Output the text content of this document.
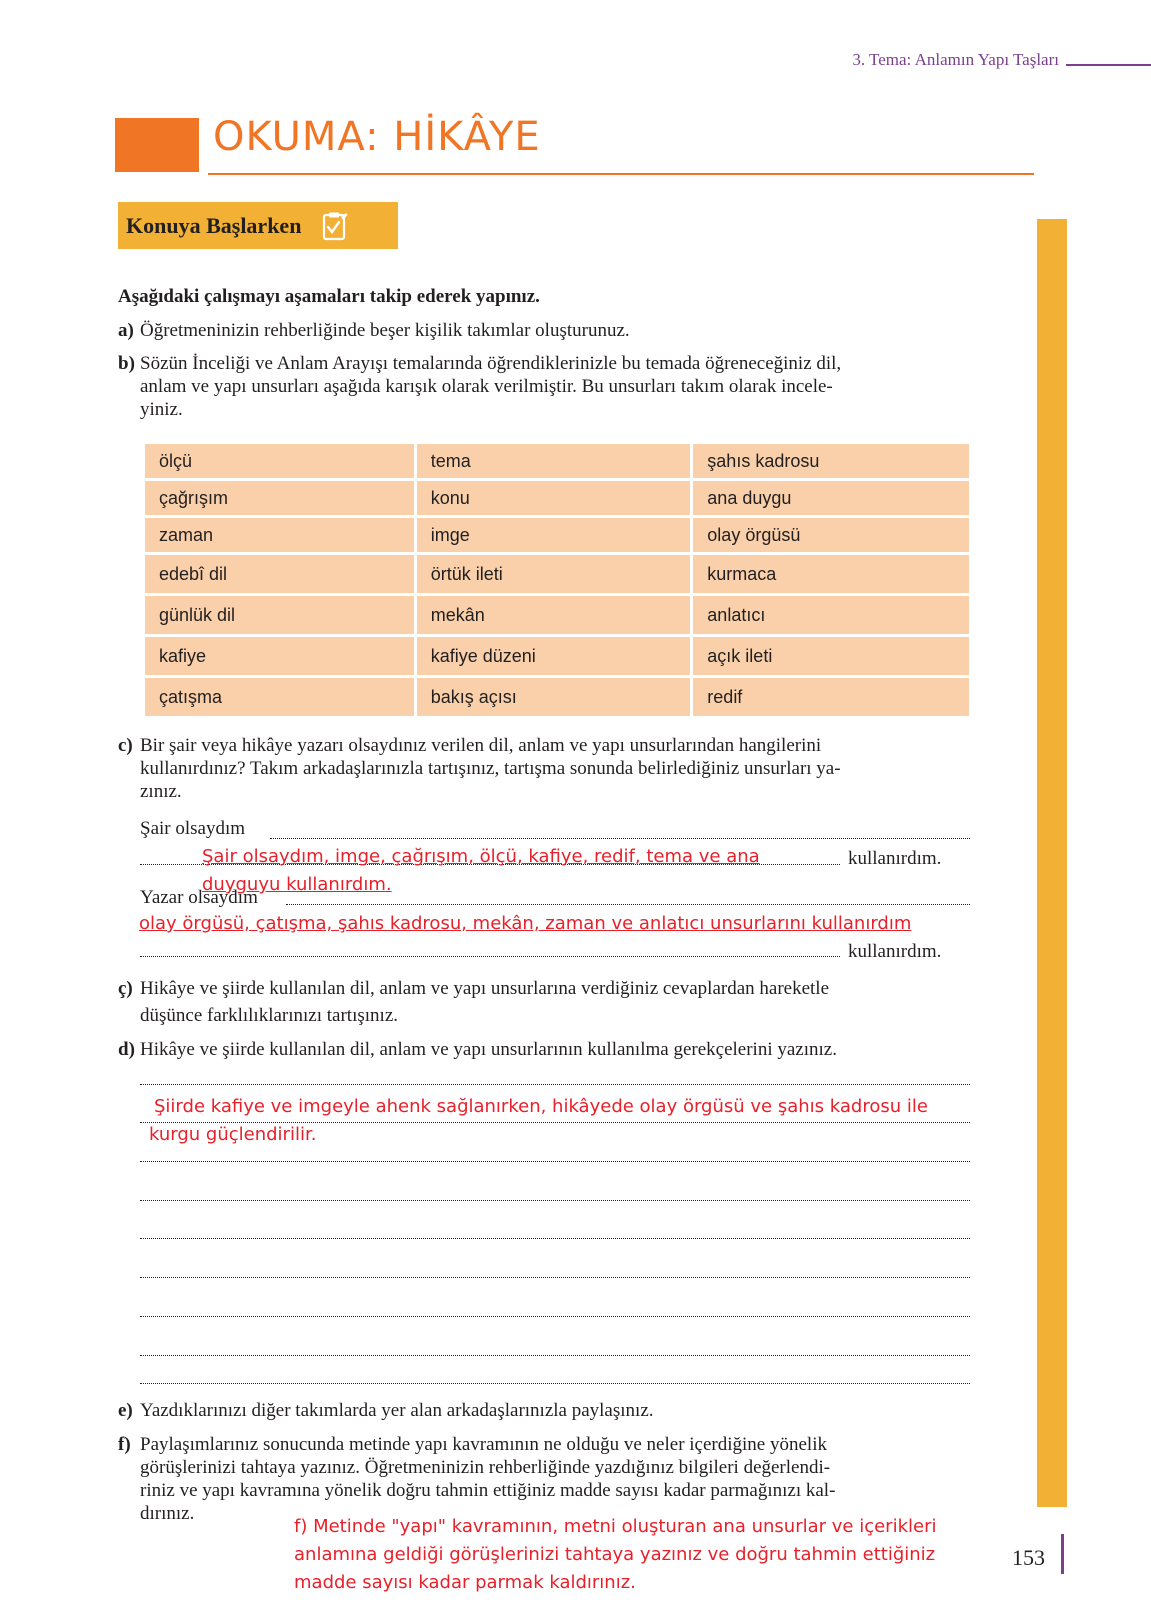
3. Tema: Anlamın Yapı Taşları
OKUMA: HİKÂYE
Konuya Başlarken
Aşağıdaki çalışmayı aşamaları takip ederek yapınız.
a) Öğretmeninizin rehberliğinde beşer kişilik takımlar oluşturunuz.
b) Sözün İnceliği ve Anlam Arayışı temalarında öğrendiklerinizle bu temada öğreneceğiniz dil,
anlam ve yapı unsurları aşağıda karışık olarak verilmiştir. Bu unsurları takım olarak incele-
yiniz.
ölçü	tema	şahıs kadrosu
çağrışım	konu	ana duygu
zaman	imge	olay örgüsü
edebî dil	örtük ileti	kurmaca
günlük dil	mekân	anlatıcı
kafiye	kafiye düzeni	açık ileti
çatışma	bakış açısı	redif
c) Bir şair veya hikâye yazarı olsaydınız verilen dil, anlam ve yapı unsurlarından hangilerini
kullanırdınız? Takım arkadaşlarınızla tartışınız, tartışma sonunda belirlediğiniz unsurları ya-
zınız.
Şair olsaydım
kullanırdım.
Şair olsaydım, imge, çağrışım, ölçü, kafiye, redif, tema ve ana
duyguyu kullanırdım.
Yazar olsaydım
olay örgüsü, çatışma, şahıs kadrosu, mekân, zaman ve anlatıcı unsurlarını kullanırdım
kullanırdım.
ç) Hikâye ve şiirde kullanılan dil, anlam ve yapı unsurlarına verdiğiniz cevaplardan hareketle
düşünce farklılıklarınızı tartışınız.
d) Hikâye ve şiirde kullanılan dil, anlam ve yapı unsurlarının kullanılma gerekçelerini yazınız.
Şiirde kafiye ve imgeyle ahenk sağlanırken, hikâyede olay örgüsü ve şahıs kadrosu ile
kurgu güçlendirilir.
e) Yazdıklarınızı diğer takımlarda yer alan arkadaşlarınızla paylaşınız.
f) Paylaşımlarınız sonucunda metinde yapı kavramının ne olduğu ve neler içerdiğine yönelik
görüşlerinizi tahtaya yazınız. Öğretmeninizin rehberliğinde yazdığınız bilgileri değerlendi-
riniz ve yapı kavramına yönelik doğru tahmin ettiğiniz madde sayısı kadar parmağınızı kal-
dırınız.
f) Metinde "yapı" kavramının, metni oluşturan ana unsurlar ve içerikleri
anlamına geldiği görüşlerinizi tahtaya yazınız ve doğru tahmin ettiğiniz
madde sayısı kadar parmak kaldırınız.
153
